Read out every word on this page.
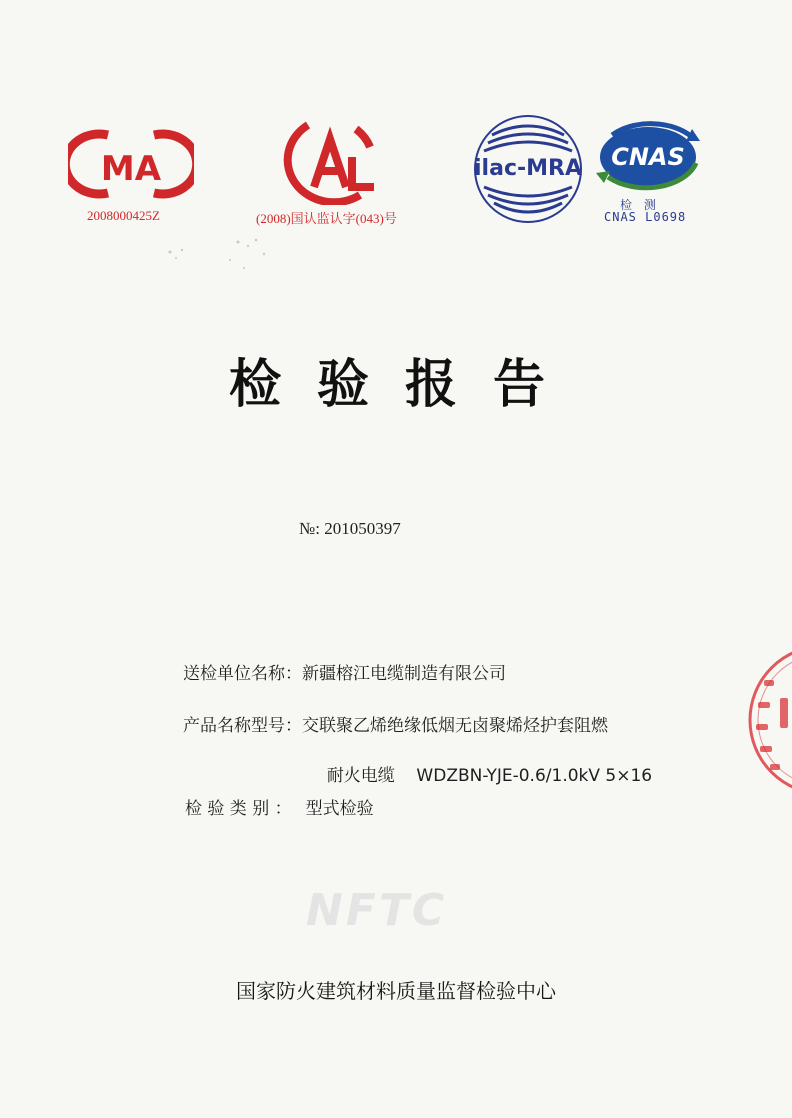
MA
2008000425Z	(2008)国认监认字(043)号
ilac-MRA CNAS
检 测
CNAS L0698
检验报告
№: 201050397
送检单位名称：新疆榕江电缆制造有限公司
产品名称型号：交联聚乙烯绝缘低烟无卤聚烯烃护套阻燃

耐火电缆    WDZBN-YJE-0.6/1.0kV 5×16

检 验 类 别 ： 型式检验
NFTC
国家防火建筑材料质量监督检验中心
